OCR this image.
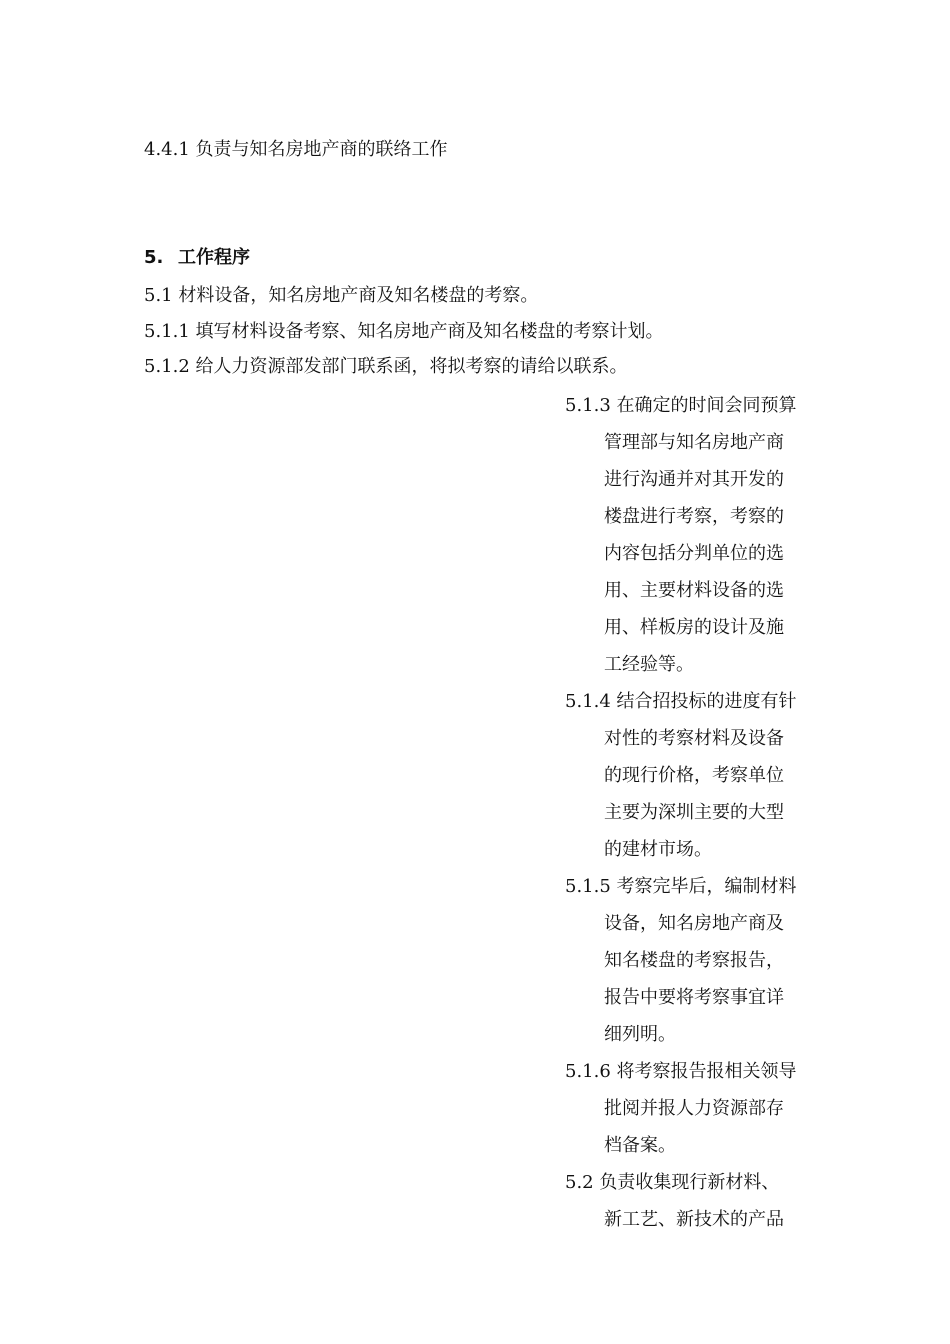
4.4.1 负责与知名房地产商的联络工作
5. 工作程序
5.1 材料设备，知名房地产商及知名楼盘的考察。
5.1.1 填写材料设备考察、知名房地产商及知名楼盘的考察计划。
5.1.2 给人力资源部发部门联系函，将拟考察的请给以联系。
5.1.3 在确定的时间会同预算
管理部与知名房地产商
进行沟通并对其开发的
楼盘进行考察，考察的
内容包括分判单位的选
用、主要材料设备的选
用、样板房的设计及施
工经验等。
5.1.4 结合招投标的进度有针
对性的考察材料及设备
的现行价格，考察单位
主要为深圳主要的大型
的建材市场。
5.1.5 考察完毕后，编制材料
设备，知名房地产商及
知名楼盘的考察报告，
报告中要将考察事宜详
细列明。
5.1.6 将考察报告报相关领导
批阅并报人力资源部存
档备案。
5.2 负责收集现行新材料、
新工艺、新技术的产品
